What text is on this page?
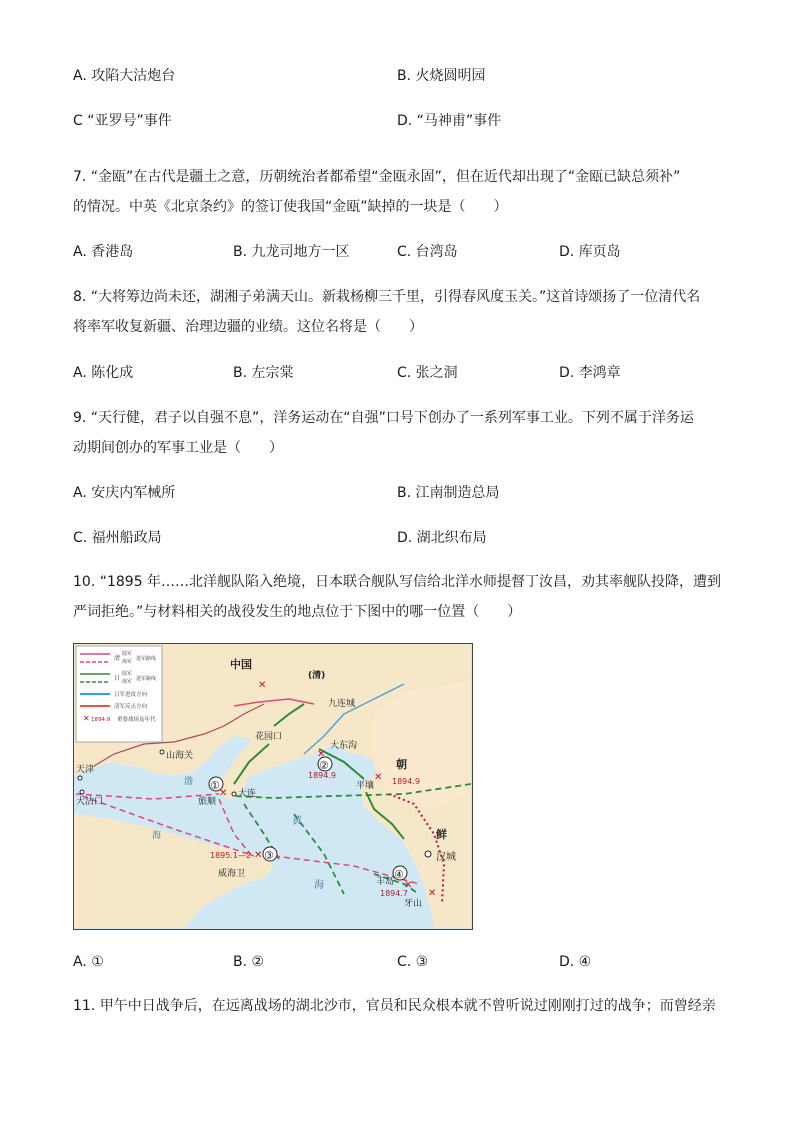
A. 攻陷大沽炮台	B. 火烧圆明园
C “亚罗号”事件	D. “马神甫”事件
7. “金瓯”在古代是疆土之意，历朝统治者都希望“金瓯永固”，但在近代却出现了“金瓯已缺总须补”
的情况。中英《北京条约》的签订使我国“金瓯”缺掉的一块是（　　）
A. 香港岛	B. 九龙司地方一区	C. 台湾岛	D. 库页岛
8. “大将筹边尚未还，湖湘子弟满天山。新栽杨柳三千里，引得春风度玉关。”这首诗颂扬了一位清代名
将率军收复新疆、治理边疆的业绩。这位名将是（　　）
A. 陈化成	B. 左宗棠	C. 张之洞	D. 李鸿章
9. “天行健，君子以自强不息”，洋务运动在“自强”口号下创办了一系列军事工业。下列不属于洋务运
动期间创办的军事工业是（　　）
A. 安庆内军械所	B. 江南制造总局
C. 福州船政局	D. 湖北织布局
10. “1895 年……北洋舰队陷入绝境，日本联合舰队写信给北洋水师提督丁汝昌，劝其率舰队投降，遭到
严词拒绝。”与材料相关的战役发生的地点位于下图中的哪一位置（　　）
✕
清
陆军
海军 进军路线
日
陆军
海军 进军路线
日军进攻方向
清军反击方向
1894.9 重要战场及年代
中国
(清)
九连城
山海关
花园口
大东沟
天津
大沽口	旅顺
大连
平壤
朝
鲜
汉城
威海卫
丰岛
牙山
渤
海
黄
海
1894.9
1894.9
1895.1—2
1894.7
①
②
③
④
✕
✕
✕
✕
✕
✕
✕
A. ①	B. ②	C. ③	D. ④
11. 甲午中日战争后，在远离战场的湖北沙市，官员和民众根本就不曾听说过刚刚打过的战争；而曾经亲
